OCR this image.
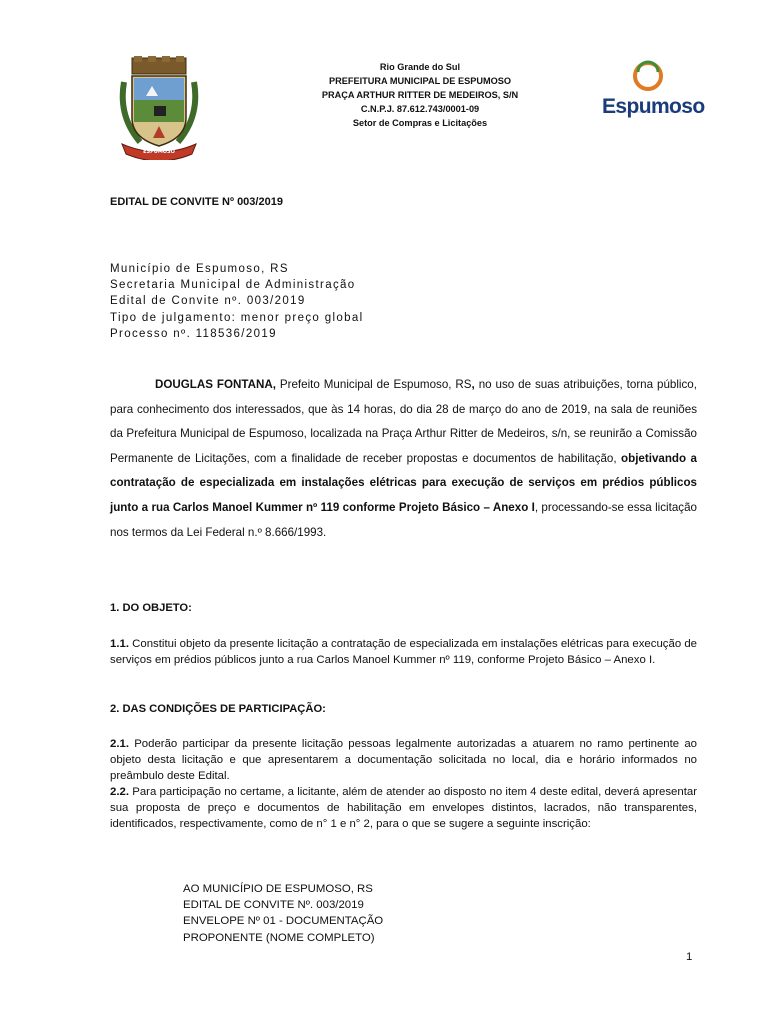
ESPUMOSO
Rio Grande do Sul
PREFEITURA MUNICIPAL DE ESPUMOSO
PRAÇA ARTHUR RITTER DE MEDEIROS, S/N
C.N.P.J. 87.612.743/0001-09
Setor de Compras e Licitações
Espumoso
EDITAL DE CONVITE Nº 003/2019
Município de Espumoso, RS
Secretaria Municipal de Administração
Edital de Convite nº. 003/2019
Tipo de julgamento: menor preço global
Processo nº. 118536/2019

DOUGLAS FONTANA, Prefeito Municipal de Espumoso, RS, no uso de suas atribuições, torna público, para conhecimento dos interessados, que às 14 horas, do dia 28 de março do ano de 2019, na sala de reuniões da Prefeitura Municipal de Espumoso, localizada na Praça Arthur Ritter de Medeiros, s/n, se reunirão a Comissão Permanente de Licitações, com a finalidade de receber propostas e documentos de habilitação, objetivando a contratação de especializada em instalações elétricas para execução de serviços em prédios públicos junto a rua Carlos Manoel Kummer nº 119 conforme Projeto Básico – Anexo I, processando-se essa licitação nos termos da Lei Federal n.º 8.666/1993.

1. DO OBJETO:

1.1. Constitui objeto da presente licitação a contratação de especializada em instalações elétricas para execução de serviços em prédios públicos junto a rua Carlos Manoel Kummer nº 119, conforme Projeto Básico – Anexo I.

2. DAS CONDIÇÕES DE PARTICIPAÇÃO:

2.1. Poderão participar da presente licitação pessoas legalmente autorizadas a atuarem no ramo pertinente ao objeto desta licitação e que apresentarem a documentação solicitada no local, dia e horário informados no preâmbulo deste Edital.

2.2. Para participação no certame, a licitante, além de atender ao disposto no item 4 deste edital, deverá apresentar sua proposta de preço e documentos de habilitação em envelopes distintos, lacrados, não transparentes, identificados, respectivamente, como de n° 1 e n° 2, para o que se sugere a seguinte inscrição:

AO MUNICÍPIO DE ESPUMOSO, RS
EDITAL DE CONVITE Nº. 003/2019
ENVELOPE Nº 01 - DOCUMENTAÇÃO
PROPONENTE (NOME COMPLETO)
1
